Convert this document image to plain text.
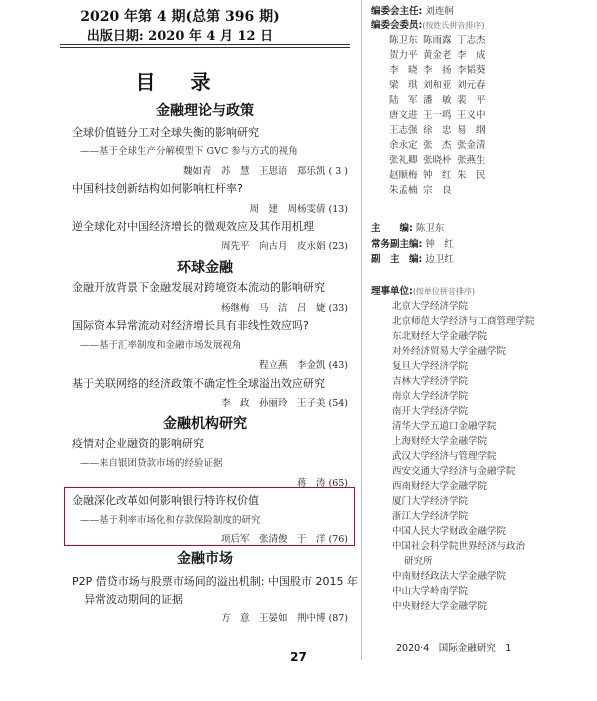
2020 年第 4 期(总第 396 期)
出版日期: 2020 年 4 月 12 日
目 录
金融理论与政策
全球价值链分工对全球失衡的影响研究
——基于全球生产分解模型下 GVC 参与方式的视角
魏如青　苏　慧　王思语　郑乐凯 ( 3 )
中国科技创新结构如何影响杠杆率?
周　建　周杨雯倩 (13)
逆全球化对中国经济增长的微观效应及其作用机理
周先平　向古月　皮永娟 (23)
环球金融
金融开放背景下金融发展对跨境资本流动的影响研究
杨继梅　马　洁　吕　婕 (33)
国际资本异常流动对经济增长具有非线性效应吗?
——基于汇率制度和金融市场发展视角
程立燕　李金凯 (43)
基于关联网络的经济政策不确定性全球溢出效应研究
李　政　孙丽玲　王子美 (54)
金融机构研究
疫情对企业融资的影响研究
——来自银团贷款市场的经验证据
蒋　涛 (65)
金融深化改革如何影响银行特许权价值
——基于利率市场化和存款保险制度的研究
项后军　张清俊　于　洋 (76)
金融市场
P2P 借贷市场与股票市场间的溢出机制: 中国股市 2015 年
异常波动期间的证据
方　意　王晏如　荆中博 (87)
编委会主任: 刘连舸
编委会委员:(按姓氏拼音排序)
陈卫东 陈雨露 丁志杰
贺力平 黄金老 李　成
李　晓 李　扬 李韬葵
梁　琪 刘和亚 刘元春
陆　军 潘　敏 裴　平
唐文进 王一鸣 王义中
王志强 徐　忠 易　纲
余永定 张　杰 张金清
张礼卿 张晓朴 张燕生
赵顺梅 钟　红 朱　民
朱孟楠 宗　良
主　　编: 陈卫东
常务副主编: 钟　红
副　主　编: 边卫红
理事单位:(按单位拼音排序)
北京大学经济学院
北京师范大学经济与工商管理学院
东北财经大学金融学院
对外经济贸易大学金融学院
复旦大学经济学院
吉林大学经济学院
南京大学经济学院
南开大学经济学院
清华大学五道口金融学院
上海财经大学金融学院
武汉大学经济与管理学院
西安交通大学经济与金融学院
西南财经大学金融学院
厦门大学经济学院
浙江大学经济学院
中国人民大学财政金融学院
中国社会科学院世界经济与政治
研究所
中南财经政法大学金融学院
中山大学岭南学院
中央财经大学金融学院
2020·4　国际金融研究　1
27
